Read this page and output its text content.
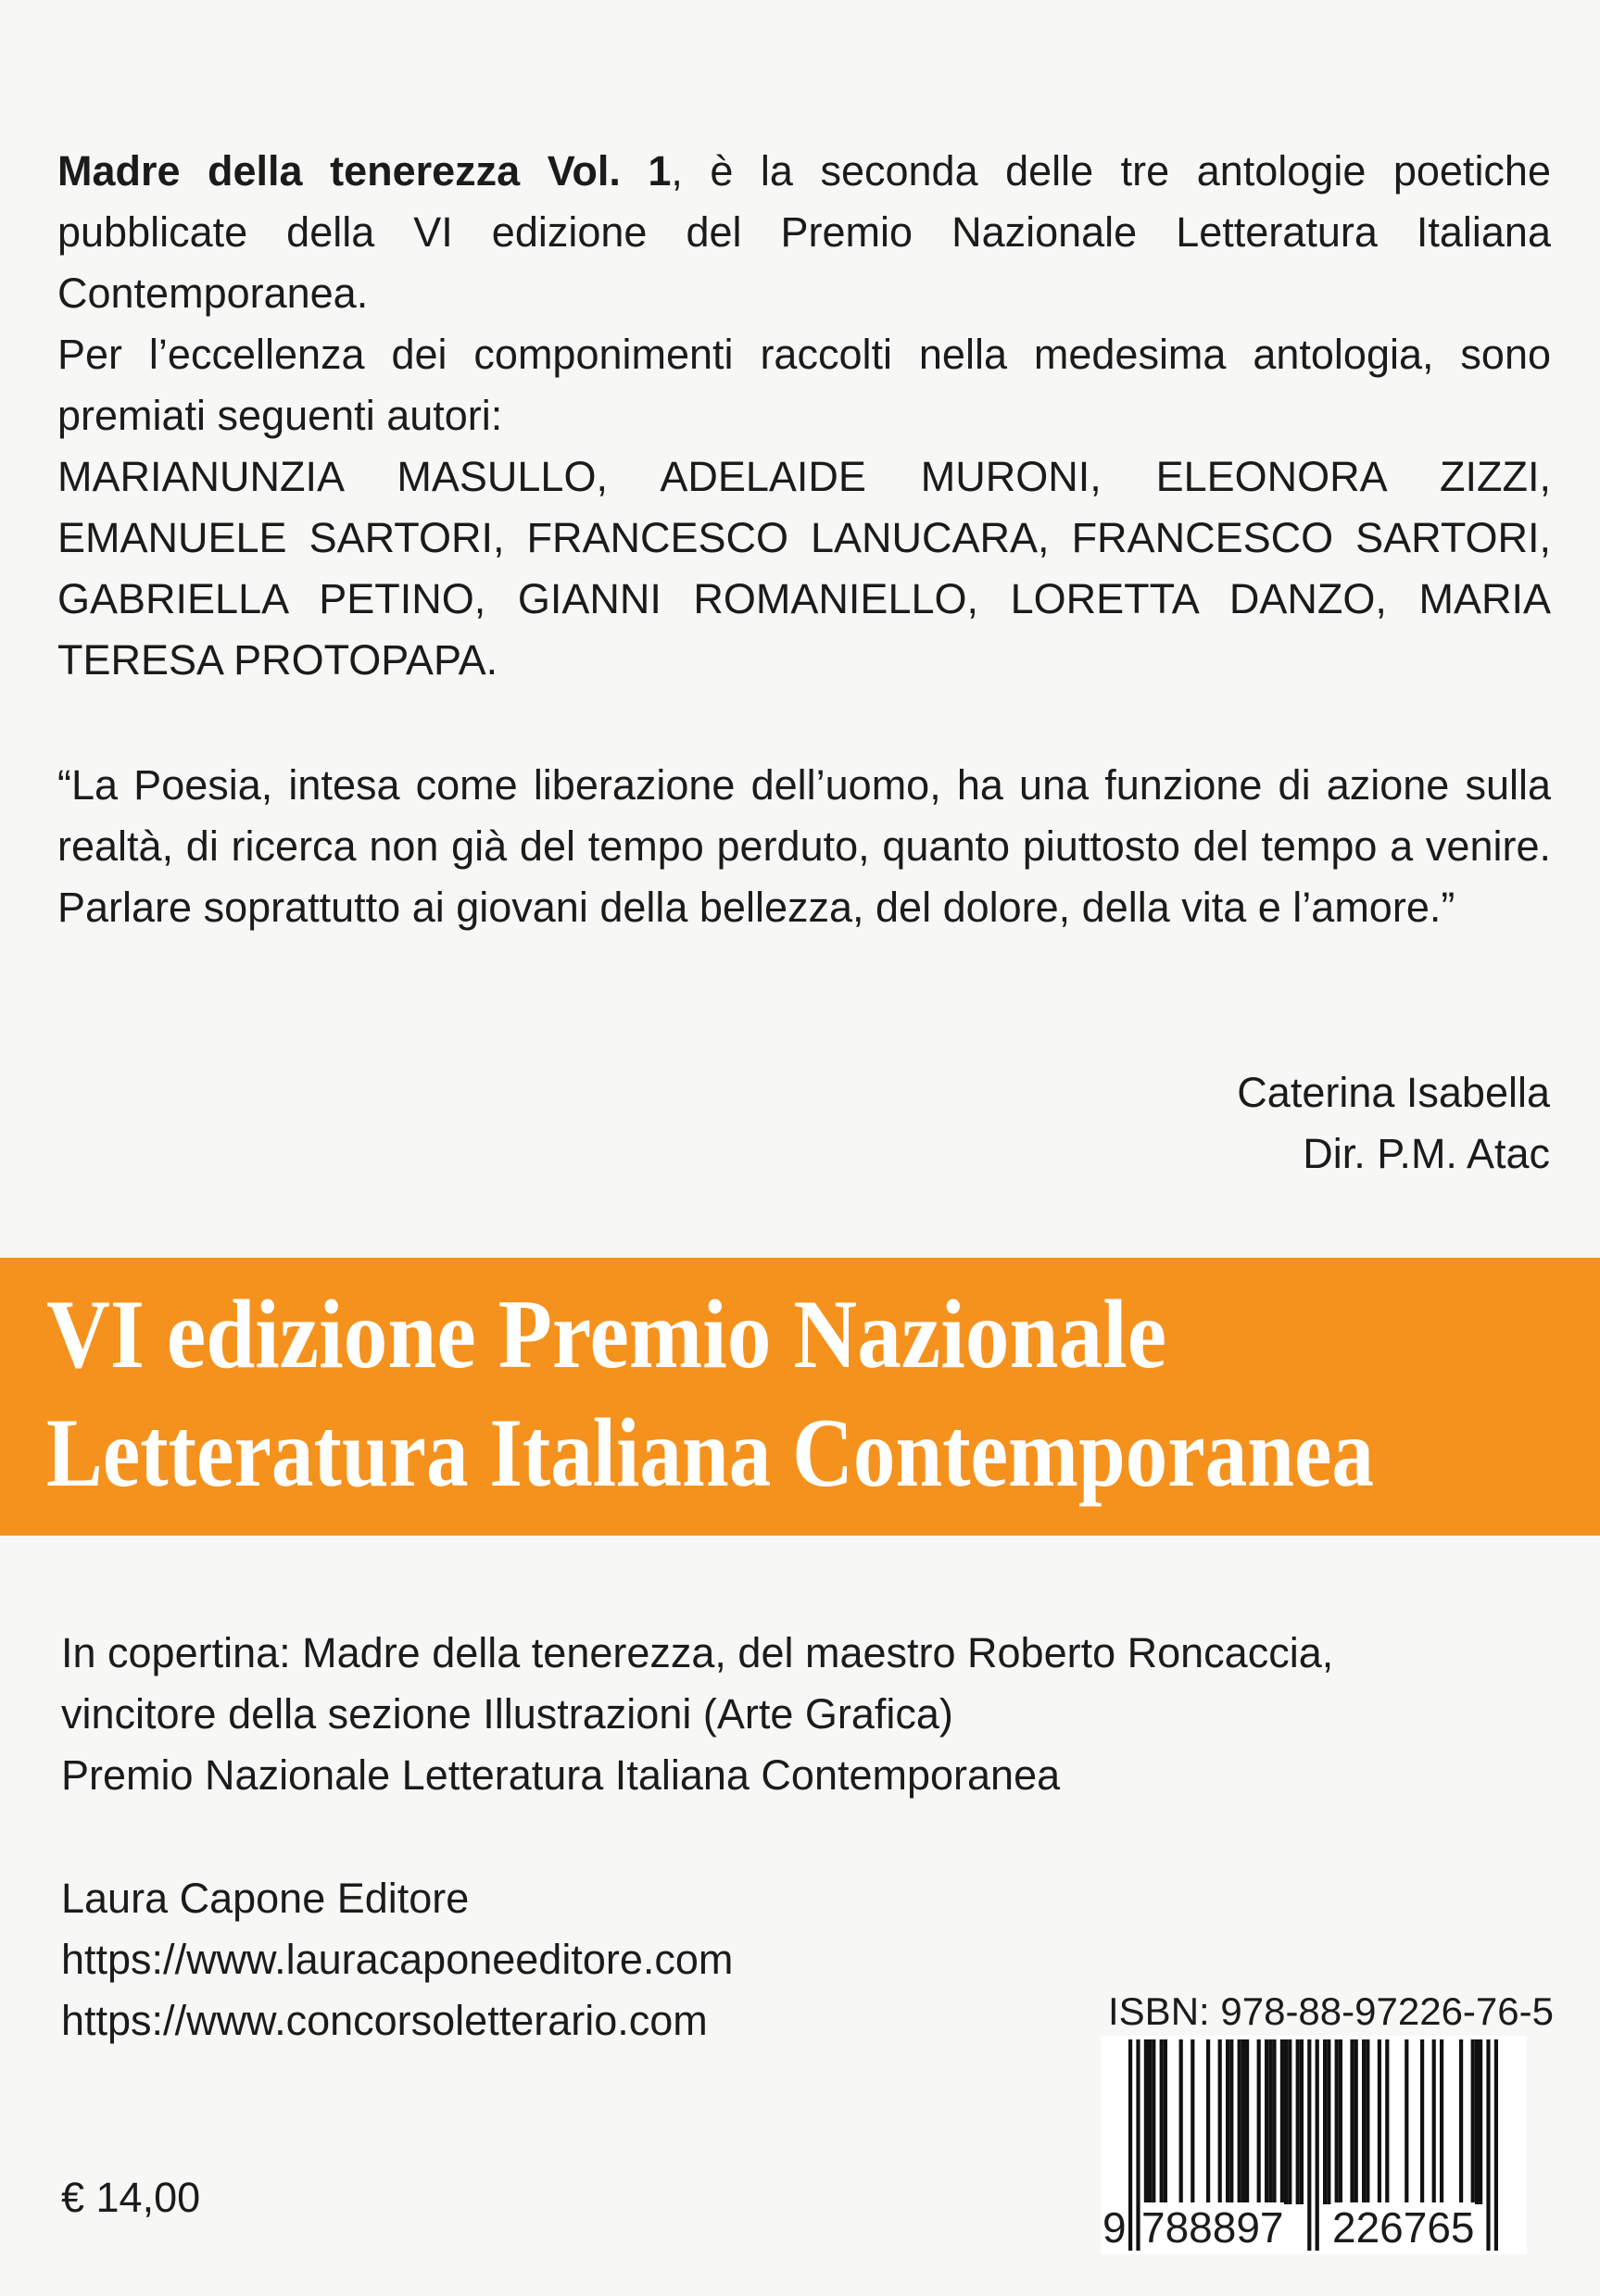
Madre della tenerezza Vol. 1, è la seconda delle tre antologie poetiche pubblicate della VI edizione del Premio Nazionale Letteratura Italiana Contemporanea.

Per l’eccellenza dei componimenti raccolti nella medesima antologia, sono premiati seguenti autori:

MARIANUNZIA MASULLO, ADELAIDE MURONI, ELEONORA ZIZZI, EMANUELE SARTORI, FRANCESCO LANUCARA, FRANCESCO SARTORI, GABRIELLA PETINO, GIANNI ROMANIELLO, LORETTA DANZO, MARIA TERESA PROTOPAPA.

“La Poesia, intesa come liberazione dell’uomo, ha una funzione di azione sulla realtà, di ricerca non già del tempo perduto, quanto piuttosto del tempo a venire. Parlare soprattutto ai giovani della bellezza, del dolore, della vita e l’amore.”

Caterina Isabella
Dir. P.M. Atac
VI edizione Premio Nazionale
Letteratura Italiana Contemporanea
In copertina: Madre della tenerezza, del maestro Roberto Roncaccia,
vincitore della sezione Illustrazioni (Arte Grafica)
Premio Nazionale Letteratura Italiana Contemporanea
Laura Capone Editore
https://www.lauracaponeeditore.com
https://www.concorsoletterario.com
€ 14,00
ISBN: 978-88-97226-76-5
9 788897 226765
